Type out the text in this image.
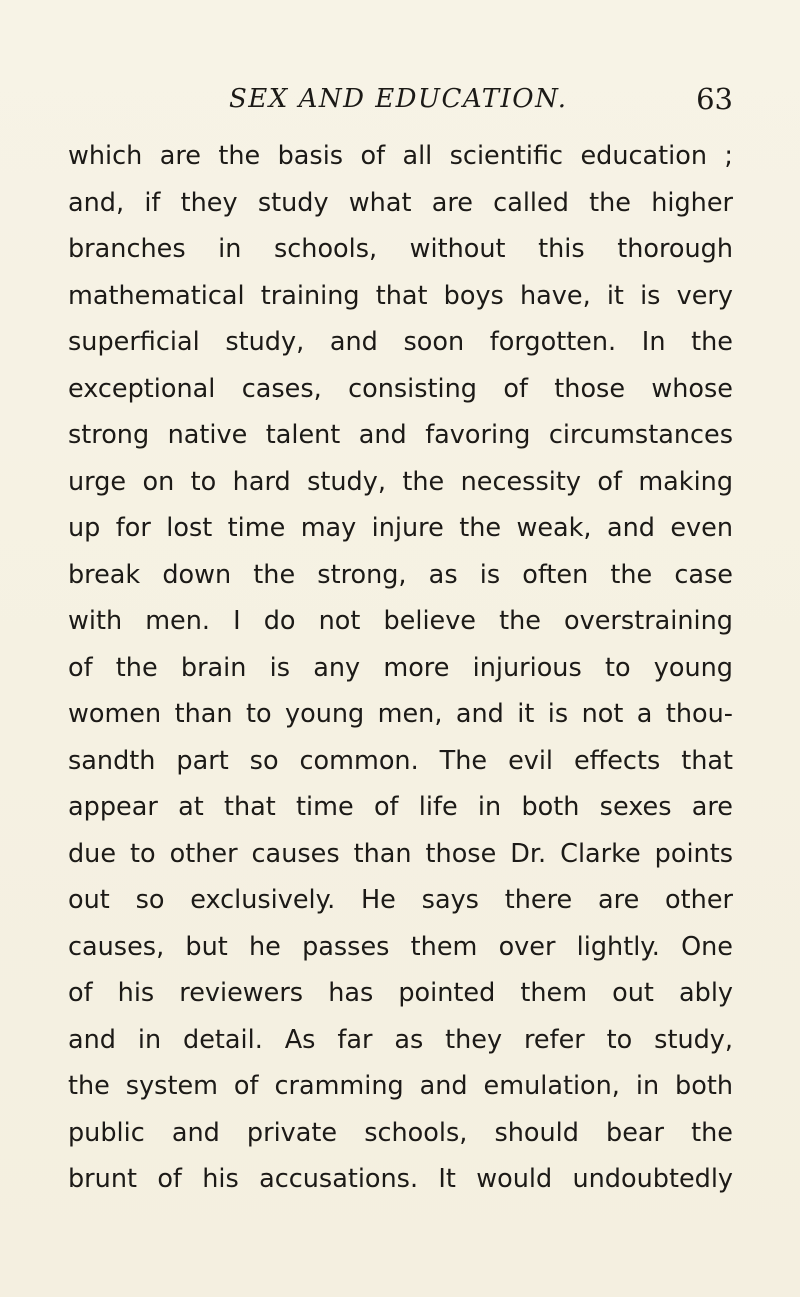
SEX AND EDUCATION.	63
which are the basis of all scientific education ;
and, if they study what are called the higher
branches in schools, without this thorough
mathematical training that boys have, it is very
superficial study, and soon forgotten. In the
exceptional cases, consisting of those whose
strong native talent and favoring circumstances
urge on to hard study, the necessity of making
up for lost time may injure the weak, and even
break down the strong, as is often the case
with men. I do not believe the overstraining
of the brain is any more injurious to young
women than to young men, and it is not a thou-
sandth part so common. The evil effects that
appear at that time of life in both sexes are
due to other causes than those Dr. Clarke points
out so exclusively. He says there are other
causes, but he passes them over lightly. One
of his reviewers has pointed them out ably
and in detail. As far as they refer to study,
the system of cramming and emulation, in both
public and private schools, should bear the
brunt of his accusations. It would undoubtedly
